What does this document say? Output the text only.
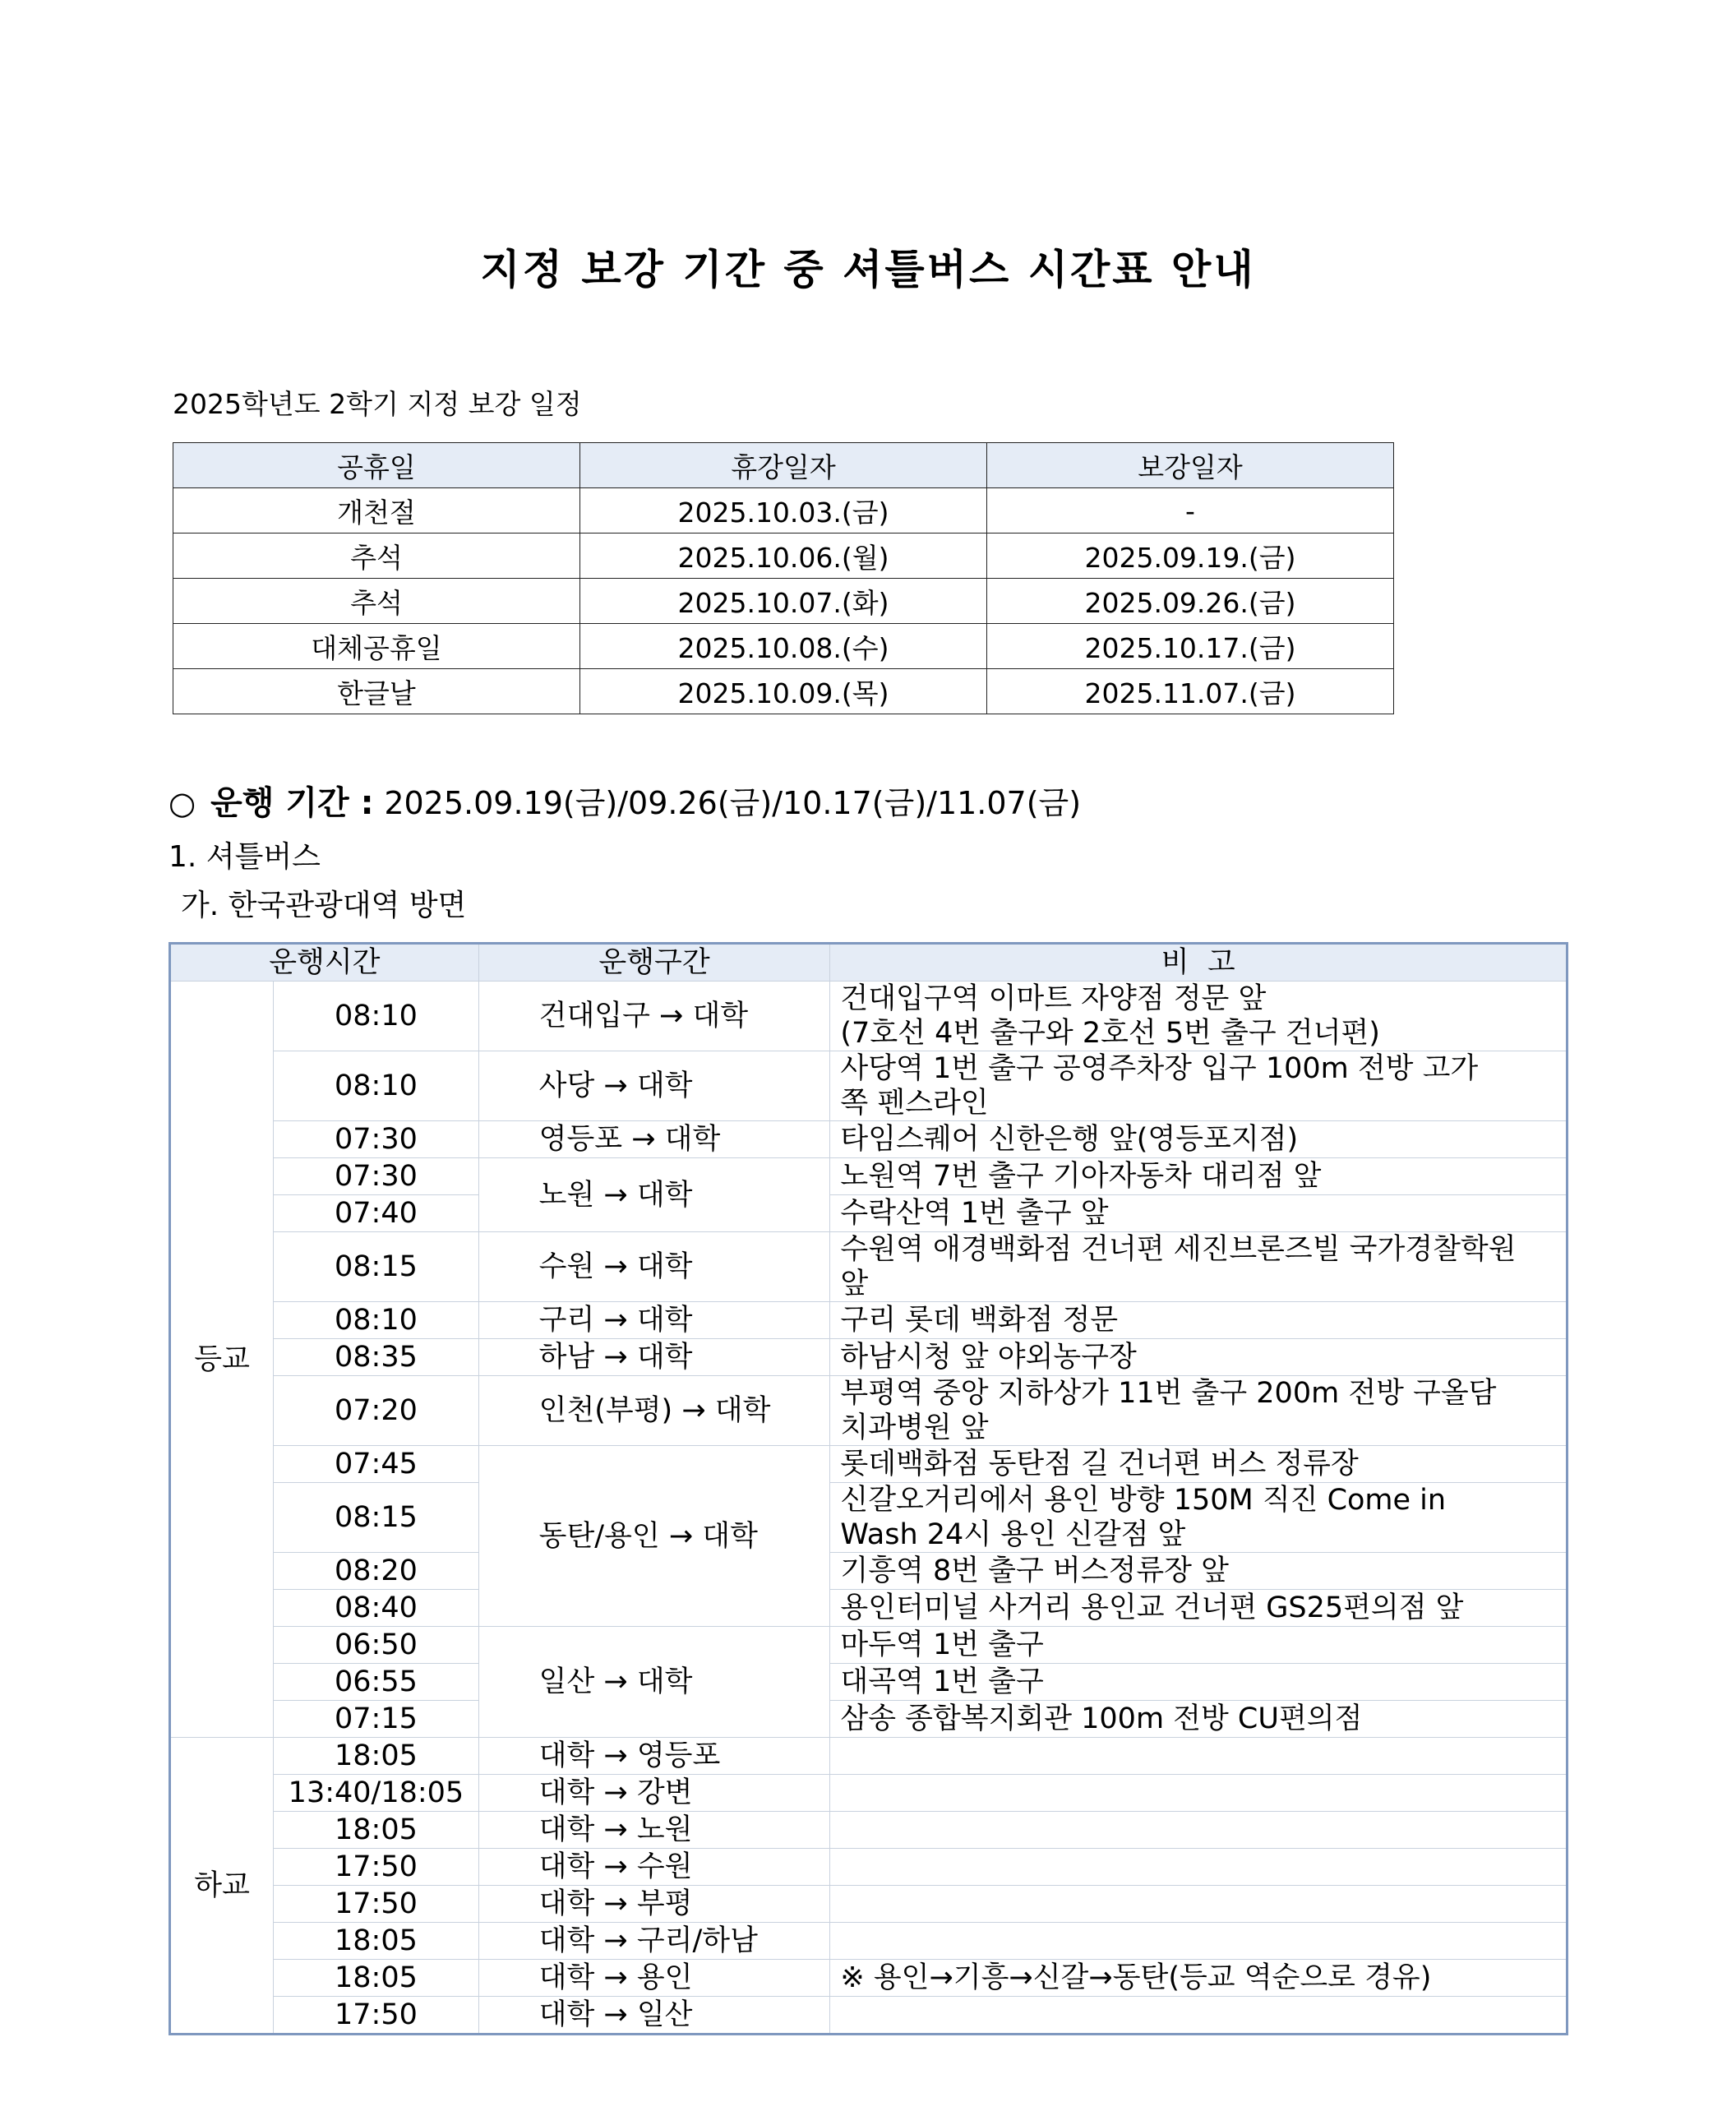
지정 보강 기간 중 셔틀버스 시간표 안내
2025학년도 2학기 지정 보강 일정
공휴일	휴강일자	보강일자
개천절	2025.10.03.(금)	-
추석	2025.10.06.(월)	2025.09.19.(금)
추석	2025.10.07.(화)	2025.09.26.(금)
대체공휴일	2025.10.08.(수)	2025.10.17.(금)
한글날	2025.10.09.(목)	2025.11.07.(금)
○ 운행 기간 : 2025.09.19(금)/09.26(금)/10.17(금)/11.07(금)
1. 셔틀버스
가. 한국관광대역 방면
운행시간		운행구간	비  고
등교	08:10	건대입구 → 대학	건대입구역 이마트 자양점 정문 앞
(7호선 4번 출구와 2호선 5번 출구 건너편)

	08:10	사당 → 대학	사당역 1번 출구 공영주차장 입구 100m 전방 고가
쪽 펜스라인

	07:30	영등포 → 대학	타임스퀘어 신한은행 앞(영등포지점)
	07:30	노원 → 대학	노원역 7번 출구 기아자동차 대리점 앞
	07:40		수락산역 1번 출구 앞
	08:15	수원 → 대학	수원역 애경백화점 건너편 세진브론즈빌 국가경찰학원
앞

	08:10	구리 → 대학	구리 롯데 백화점 정문
	08:35	하남 → 대학	하남시청 앞 야외농구장
	07:20	인천(부평) → 대학	부평역 중앙 지하상가 11번 출구 200m 전방 구올담
치과병원 앞

	07:45	동탄/용인 → 대학	롯데백화점 동탄점 길 건너편 버스 정류장
	08:15		신갈오거리에서 용인 방향 150M 직진 Come in
Wash 24시 용인 신갈점 앞

	08:20		기흥역 8번 출구 버스정류장 앞
	08:40		용인터미널 사거리 용인교 건너편 GS25편의점 앞
	06:50	일산 → 대학	마두역 1번 출구
	06:55		대곡역 1번 출구
	07:15		삼송 종합복지회관 100m 전방 CU편의점
하교	18:05	대학 → 영등포	
	13:40/18:05	대학 → 강변	
	18:05	대학 → 노원	
	17:50	대학 → 수원	
	17:50	대학 → 부평	
	18:05	대학 → 구리/하남	
	18:05	대학 → 용인	※ 용인→기흥→신갈→동탄(등교 역순으로 경유)
	17:50	대학 → 일산	
